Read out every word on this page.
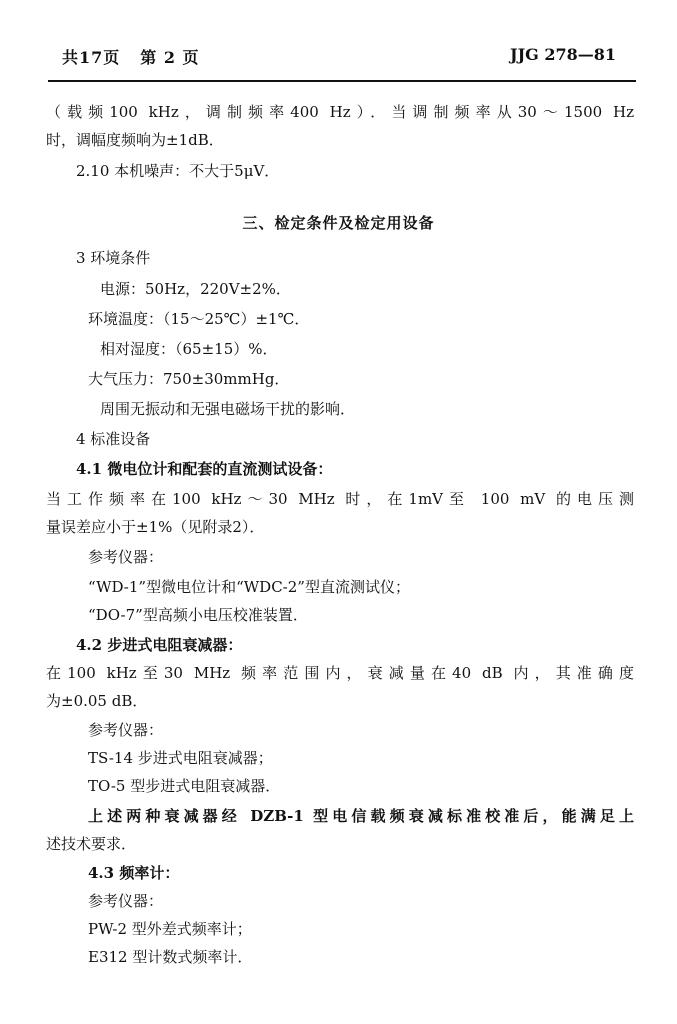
共17页 第 2 页	JJG 278—81
（载频100 kHz，调制频率400 Hz）．当调制频率从30～1500 Hz
时，调幅度频响为±1dB．
2.10 本机噪声：不大于5μV．
三、检定条件及检定用设备
3 环境条件
电源：50Hz，220V±2%．
环境温度：（15～25℃）±1℃．
相对湿度：（65±15）%．
大气压力：750±30mmHg．
周围无振动和无强电磁场干扰的影响．
4 标准设备
4.1 微电位计和配套的直流测试设备：
当工作频率在100 kHz～30 MHz 时，在1mV至 100 mV 的电压测
量误差应小于±1%（见附录2）．
参考仪器：
“WD-1”型微电位计和“WDC-2”型直流测试仪；
“DO-7”型高频小电压校准装置．
4.2 步进式电阻衰减器：
在100 kHz至30 MHz 频率范围内，衰减量在40 dB 内，其准确度
为±0.05 dB．
参考仪器：
TS-14 步进式电阻衰减器；
TO-5 型步进式电阻衰减器．
上述两种衰减器经 DZB-1 型电信载频衰减标准校准后，能满足上
述技术要求．
4.3 频率计：
参考仪器：
PW-2 型外差式频率计；
E312 型计数式频率计．
